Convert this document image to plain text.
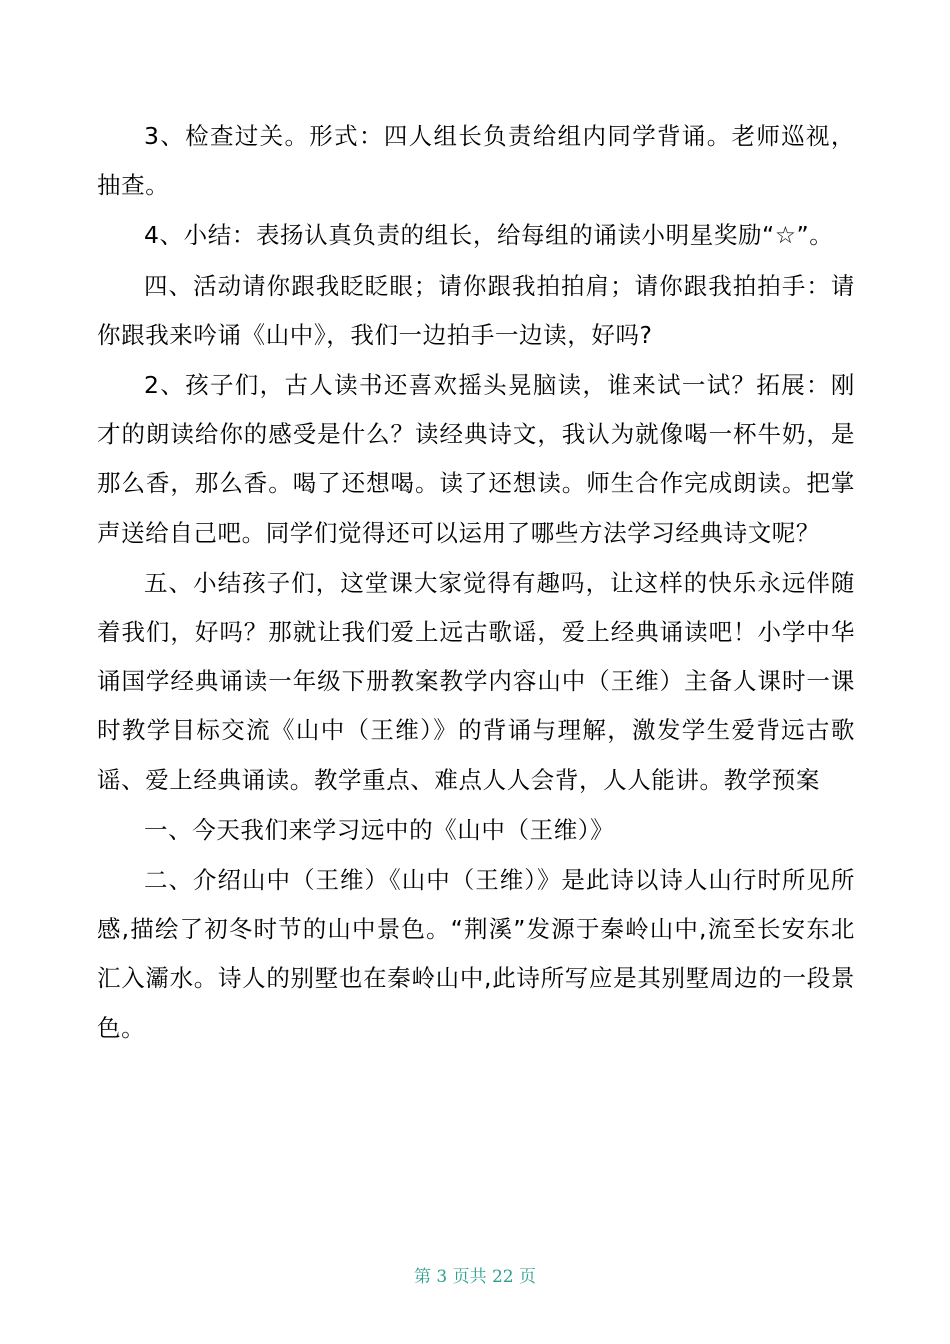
3、检查过关。形式：四人组长负责给组内同学背诵。老师巡视，抽查。

4、小结：表扬认真负责的组长，给每组的诵读小明星奖励“☆”。

四、活动请你跟我眨眨眼；请你跟我拍拍肩；请你跟我拍拍手：请你跟我来吟诵《山中》，我们一边拍手一边读，好吗?

2、孩子们，古人读书还喜欢摇头晃脑读，谁来试一试？拓展：刚才的朗读给你的感受是什么？读经典诗文，我认为就像喝一杯牛奶，是那么香，那么香。喝了还想喝。读了还想读。师生合作完成朗读。把掌声送给自己吧。同学们觉得还可以运用了哪些方法学习经典诗文呢？

五、小结孩子们，这堂课大家觉得有趣吗，让这样的快乐永远伴随着我们，好吗？那就让我们爱上远古歌谣，爱上经典诵读吧！小学中华诵国学经典诵读一年级下册教案教学内容山中（王维）主备人课时一课时教学目标交流《山中（王维）》的背诵与理解，激发学生爱背远古歌谣、爱上经典诵读。教学重点、难点人人会背，人人能讲。教学预案

一、今天我们来学习远中的《山中（王维）》

二、介绍山中（王维）《山中（王维）》是此诗以诗人山行时所见所感,描绘了初冬时节的山中景色。“荆溪”发源于秦岭山中,流至长安东北汇入灞水。诗人的别墅也在秦岭山中,此诗所写应是其别墅周边的一段景色。

第 3 页共 22 页
